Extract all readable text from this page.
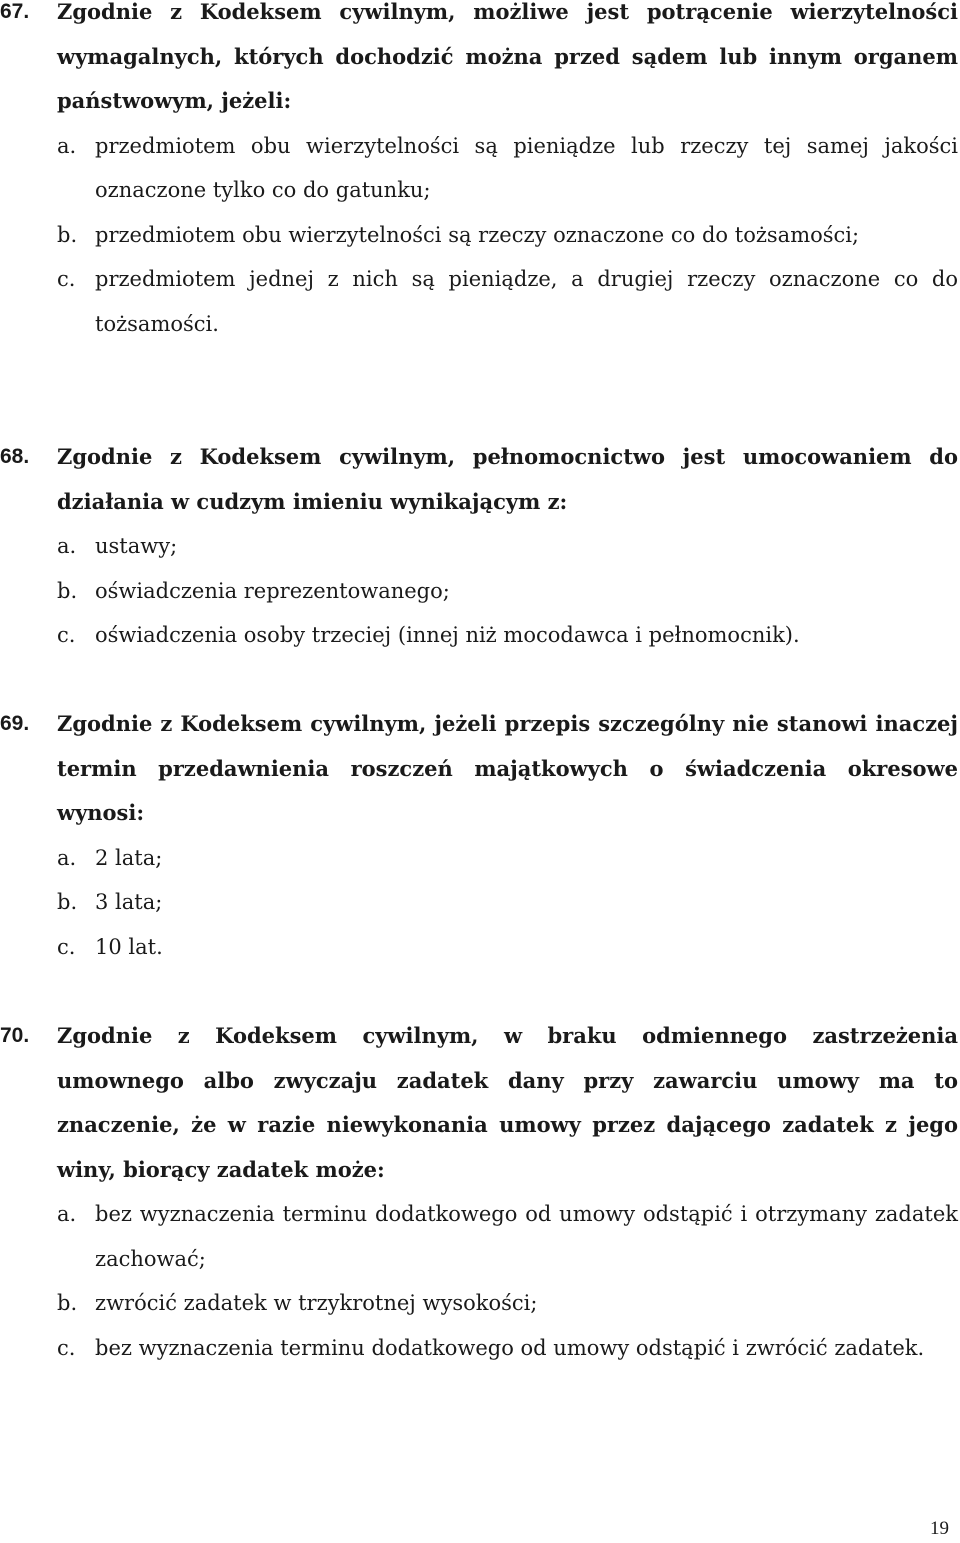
67.	Zgodnie z Kodeksem cywilnym, możliwe jest potrącenie wierzytelności wymagalnych, których dochodzić można przed sądem lub innym organem państwowym, jeżeli:
a. przedmiotem obu wierzytelności są pieniądze lub rzeczy tej samej jakości oznaczone tylko co do gatunku;
b. przedmiotem obu wierzytelności są rzeczy oznaczone co do tożsamości;
c. przedmiotem jednej z nich są pieniądze, a drugiej rzeczy oznaczone co do tożsamości.
68.	Zgodnie z Kodeksem cywilnym, pełnomocnictwo jest umocowaniem do działania w cudzym imieniu wynikającym z:
a. ustawy;
b. oświadczenia reprezentowanego;
c. oświadczenia osoby trzeciej (innej niż mocodawca i pełnomocnik).
69.	Zgodnie z Kodeksem cywilnym, jeżeli przepis szczególny nie stanowi inaczej termin przedawnienia roszczeń majątkowych o świadczenia okresowe wynosi:
a. 2 lata;
b. 3 lata;
c. 10 lat.
70.	Zgodnie z Kodeksem cywilnym, w braku odmiennego zastrzeżenia umownego albo zwyczaju zadatek dany przy zawarciu umowy ma to znaczenie, że w razie niewykonania umowy przez dającego zadatek z jego winy, biorący zadatek może:
a. bez wyznaczenia terminu dodatkowego od umowy odstąpić i otrzymany zadatek zachować;
b. zwrócić zadatek w trzykrotnej wysokości;
c. bez wyznaczenia terminu dodatkowego od umowy odstąpić i zwrócić zadatek.
19
